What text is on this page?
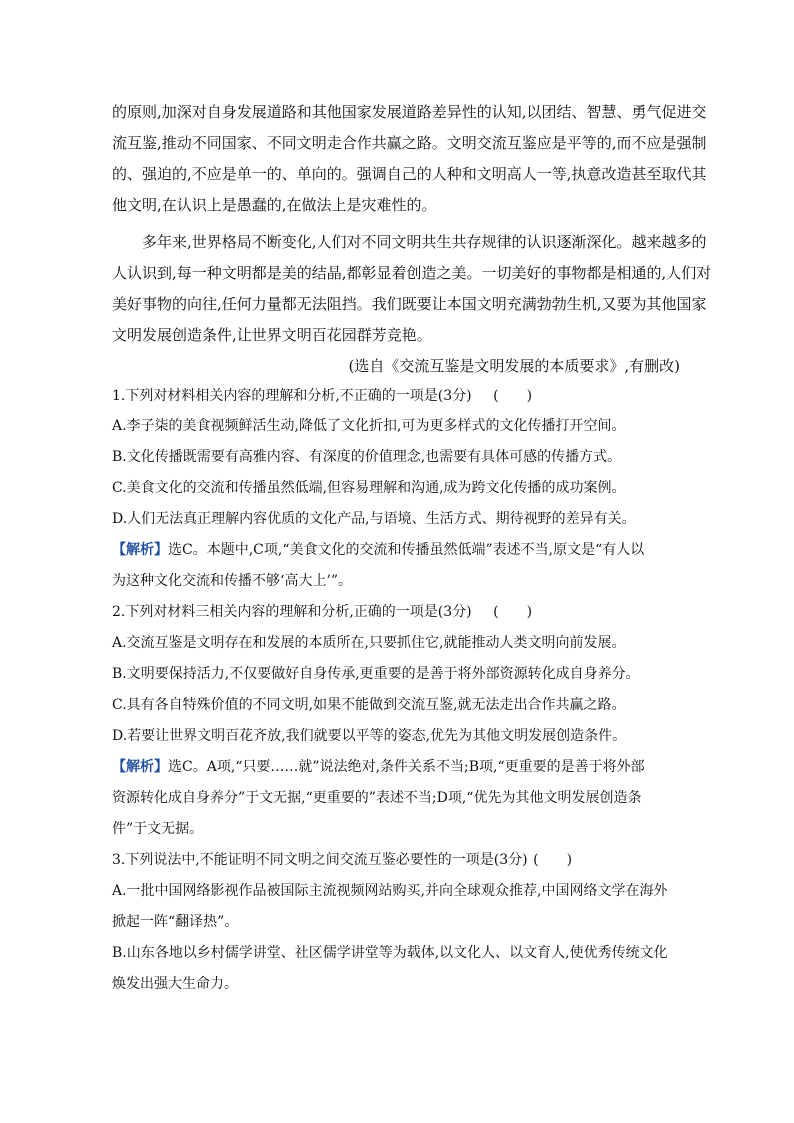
的原则,加深对自身发展道路和其他国家发展道路差异性的认知,以团结、智慧、勇气促进交
流互鉴,推动不同国家、不同文明走合作共赢之路。文明交流互鉴应是平等的,而不应是强制
的、强迫的,不应是单一的、单向的。强调自己的人种和文明高人一等,执意改造甚至取代其
他文明,在认识上是愚蠢的,在做法上是灾难性的。
多年来,世界格局不断变化,人们对不同文明共生共存规律的认识逐渐深化。越来越多的
人认识到,每一种文明都是美的结晶,都彰显着创造之美。一切美好的事物都是相通的,人们对
美好事物的向往,任何力量都无法阻挡。我们既要让本国文明充满勃勃生机,又要为其他国家
文明发展创造条件,让世界文明百花园群芳竞艳。
(选自《交流互鉴是文明发展的本质要求》,有删改)
1.下列对材料相关内容的理解和分析,不正确的一项是(3分) (　　)
A.李子柒的美食视频鲜活生动,降低了文化折扣,可为更多样式的文化传播打开空间。
B.文化传播既需要有高雅内容、有深度的价值理念,也需要有具体可感的传播方式。
C.美食文化的交流和传播虽然低端,但容易理解和沟通,成为跨文化传播的成功案例。
D.人们无法真正理解内容优质的文化产品,与语境、生活方式、期待视野的差异有关。
【解析】选C。本题中,C项,“美食文化的交流和传播虽然低端”表述不当,原文是“有人以
为这种文化交流和传播不够‘高大上’”。
2.下列对材料三相关内容的理解和分析,正确的一项是(3分) (　　)
A.交流互鉴是文明存在和发展的本质所在,只要抓住它,就能推动人类文明向前发展。
B.文明要保持活力,不仅要做好自身传承,更重要的是善于将外部资源转化成自身养分。
C.具有各自特殊价值的不同文明,如果不能做到交流互鉴,就无法走出合作共赢之路。
D.若要让世界文明百花齐放,我们就要以平等的姿态,优先为其他文明发展创造条件。
【解析】选C。A项,“只要……就”说法绝对,条件关系不当;B项,“更重要的是善于将外部
资源转化成自身养分”于文无据,“更重要的”表述不当;D项,“优先为其他文明发展创造条
件”于文无据。
3.下列说法中,不能证明不同文明之间交流互鉴必要性的一项是(3分) (　　)
A.一批中国网络影视作品被国际主流视频网站购买,并向全球观众推荐,中国网络文学在海外
掀起一阵“翻译热”。
B.山东各地以乡村儒学讲堂、社区儒学讲堂等为载体,以文化人、以文育人,使优秀传统文化
焕发出强大生命力。
